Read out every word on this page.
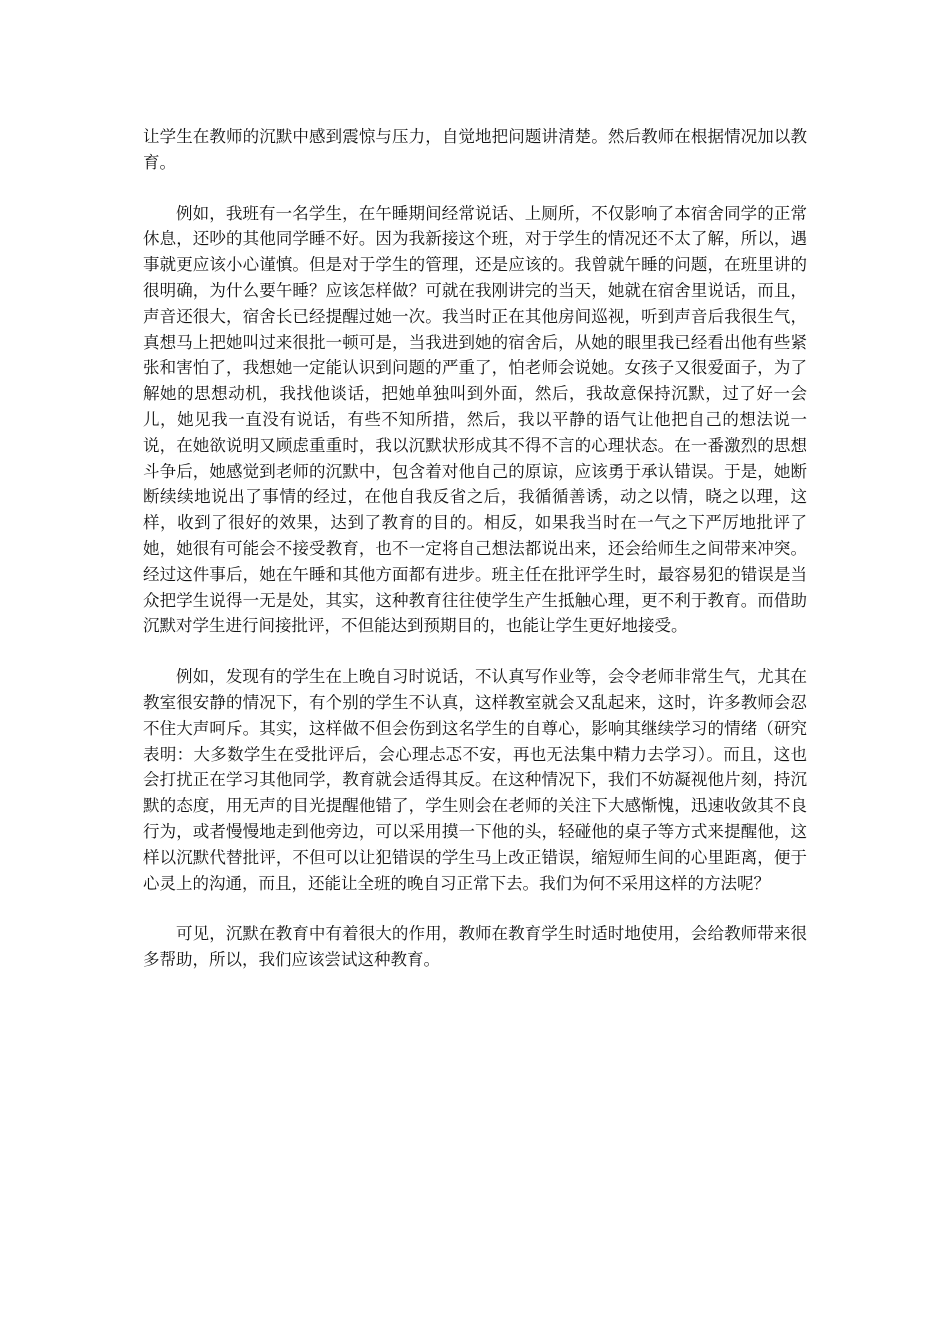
让学生在教师的沉默中感到震惊与压力，自觉地把问题讲清楚。然后教师在根据情况加以教育。

例如，我班有一名学生，在午睡期间经常说话、上厕所，不仅影响了本宿舍同学的正常休息，还吵的其他同学睡不好。因为我新接这个班，对于学生的情况还不太了解，所以，遇事就更应该小心谨慎。但是对于学生的管理，还是应该的。我曾就午睡的问题，在班里讲的很明确，为什么要午睡？应该怎样做？可就在我刚讲完的当天，她就在宿舍里说话，而且，声音还很大，宿舍长已经提醒过她一次。我当时正在其他房间巡视，听到声音后我很生气，真想马上把她叫过来很批一顿可是，当我进到她的宿舍后，从她的眼里我已经看出他有些紧张和害怕了，我想她一定能认识到问题的严重了，怕老师会说她。女孩子又很爱面子，为了解她的思想动机，我找他谈话，把她单独叫到外面，然后，我故意保持沉默，过了好一会儿，她见我一直没有说话，有些不知所措，然后，我以平静的语气让他把自己的想法说一说，在她欲说明又顾虑重重时，我以沉默状形成其不得不言的心理状态。在一番激烈的思想斗争后，她感觉到老师的沉默中，包含着对他自己的原谅，应该勇于承认错误。于是，她断断续续地说出了事情的经过，在他自我反省之后，我循循善诱，动之以情，晓之以理，这样，收到了很好的效果，达到了教育的目的。相反，如果我当时在一气之下严厉地批评了她，她很有可能会不接受教育，也不一定将自己想法都说出来，还会给师生之间带来冲突。经过这件事后，她在午睡和其他方面都有进步。班主任在批评学生时，最容易犯的错误是当众把学生说得一无是处，其实，这种教育往往使学生产生抵触心理，更不利于教育。而借助沉默对学生进行间接批评，不但能达到预期目的，也能让学生更好地接受。

例如，发现有的学生在上晚自习时说话，不认真写作业等，会令老师非常生气，尤其在教室很安静的情况下，有个别的学生不认真，这样教室就会又乱起来，这时，许多教师会忍不住大声呵斥。其实，这样做不但会伤到这名学生的自尊心，影响其继续学习的情绪（研究表明：大多数学生在受批评后，会心理忐忑不安，再也无法集中精力去学习）。而且，这也会打扰正在学习其他同学，教育就会适得其反。在这种情况下，我们不妨凝视他片刻，持沉默的态度，用无声的目光提醒他错了，学生则会在老师的关注下大感惭愧，迅速收敛其不良行为，或者慢慢地走到他旁边，可以采用摸一下他的头，轻碰他的桌子等方式来提醒他，这样以沉默代替批评，不但可以让犯错误的学生马上改正错误，缩短师生间的心里距离，便于心灵上的沟通，而且，还能让全班的晚自习正常下去。我们为何不采用这样的方法呢？

可见，沉默在教育中有着很大的作用，教师在教育学生时适时地使用，会给教师带来很多帮助，所以，我们应该尝试这种教育。
